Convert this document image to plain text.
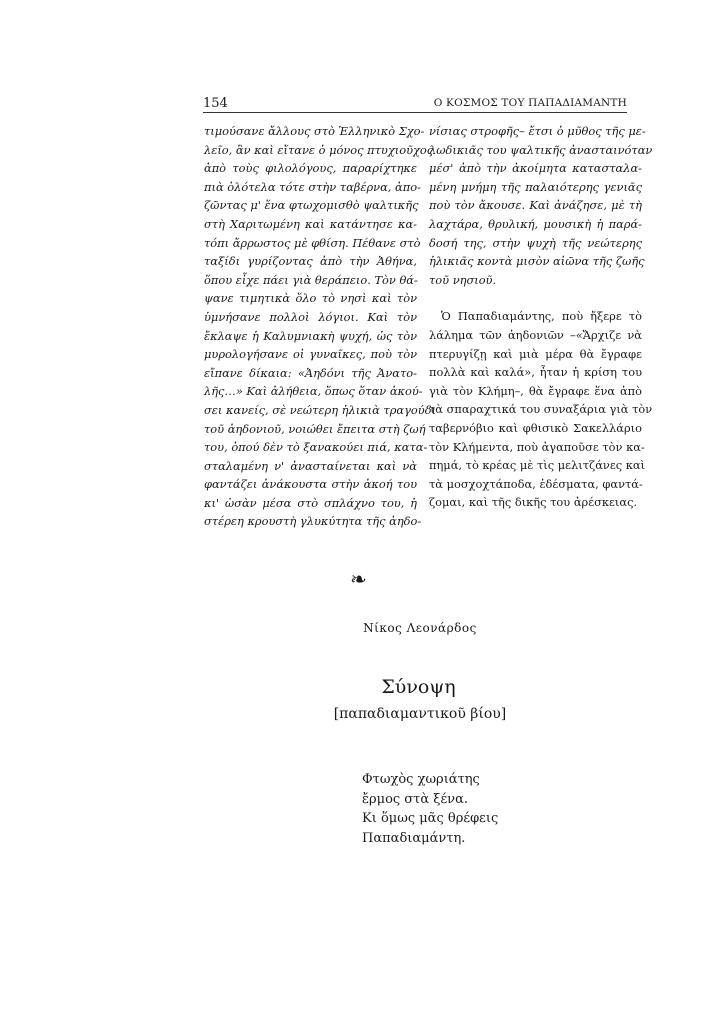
154	Ο ΚΟΣΜΟΣ ΤΟΥ ΠΑΠΑΔΙΑΜΑΝΤΗ
τιμούσανε ἄλλους στὸ Ἑλληνικὸ Σχο-
λεῖο, ἂν καὶ εἴτανε ὁ μόνος πτυχιοῦχος
ἀπὸ τοὺς φιλολόγους, παραρίχτηκε
πιὰ ὁλότελα τότε στὴν ταβέρνα, ἀπο-
ζῶντας μ' ἕνα φτωχομισθὸ ψαλτικῆς
στὴ Χαριτωμένη καὶ κατάντησε κα-
τόπι ἄρρωστος μὲ φθίση. Πέθανε στὸ
ταξίδι γυρίζοντας ἀπὸ τὴν Ἀθήνα,
ὅπου εἶχε πάει γιὰ θεράπειο. Τὸν θά-
ψανε τιμητικὰ ὅλο τὸ νησὶ καὶ τὸν
ὑμνήσανε πολλοὶ λόγιοι. Καὶ τὸν
ἔκλαψε ἡ Καλυμνιακὴ ψυχή, ὡς τὸν
μυρολογήσανε οἱ γυναῖκες, ποὺ τὸν
εἴπανε δίκαια: «Ἀηδόνι τῆς Ἀνατο-
λῆς…» Καὶ ἀλήθεια, ὅπως ὅταν ἀκού-
σει κανείς, σὲ νεώτερη ἡλικιὰ τραγούδι
τοῦ ἀηδονιοῦ, νοιώθει ἔπειτα στὴ ζωή
του, ὁπού δὲν τὸ ξανακούει πιά, κατα-
σταλαμένη ν' ἀνασταίνεται καὶ νὰ
φαντάζει ἀνάκουστα στὴν ἀκοή του
κι' ὡσὰν μέσα στὸ σπλάχνο του, ἡ
στέρεη κρουστὴ γλυκύτητα τῆς ἀηδο-
νίσιας στροφῆς– ἔτσι ὁ μῦθος τῆς με-
λωδικιᾶς του ψαλτικῆς ἀνασταινόταν
μέσ' ἀπὸ τὴν ἀκοίμητα κατασταλα-
μένη μνήμη τῆς παλαιότερης γενιᾶς
ποὺ τὸν ἄκουσε. Καὶ ἀνάζησε, μὲ τὴ
λαχτάρα, θρυλική, μουσικὴ ἡ παρά-
δοσή της, στὴν ψυχὴ τῆς νεώτερης
ἡλικιᾶς κοντὰ μισὸν αἰῶνα τῆς ζωῆς
τοῦ νησιοῦ.
Ὁ Παπαδιαμάντης, ποὺ ἤξερε τὸ
λάλημα τῶν ἀηδονιῶν –«Ἄρχιζε νὰ
πτερυγίζῃ καὶ μιὰ μέρα θὰ ἔγραφε
πολλὰ καὶ καλά», ἦταν ἡ κρίση του
γιὰ τὸν Κλήμη–, θὰ ἔγραφε ἕνα ἀπὸ
τὰ σπαραχτικά του συναξάρια γιὰ τὸν
ταβερνόβιο καὶ φθισικὸ Σακελλάριο
τὸν Κλήμεντα, ποὺ ἀγαποῦσε τὸν κα-
πημά, τὸ κρέας μὲ τὶς μελιτζάνες καὶ
τὰ μοσχοχτάποδα, ἐδέσματα, φαντά-
ζομαι, καὶ τῆς δικῆς του ἀρέσκειας.
❧
Νίκος Λεονάρδος
Σύνοψη
[παπαδιαμαντικοῦ βίου]
Φτωχὸς χωριάτης
ἔρμος στὰ ξένα.
Κι ὅμως μᾶς θρέφεις
Παπαδιαμάντη.
